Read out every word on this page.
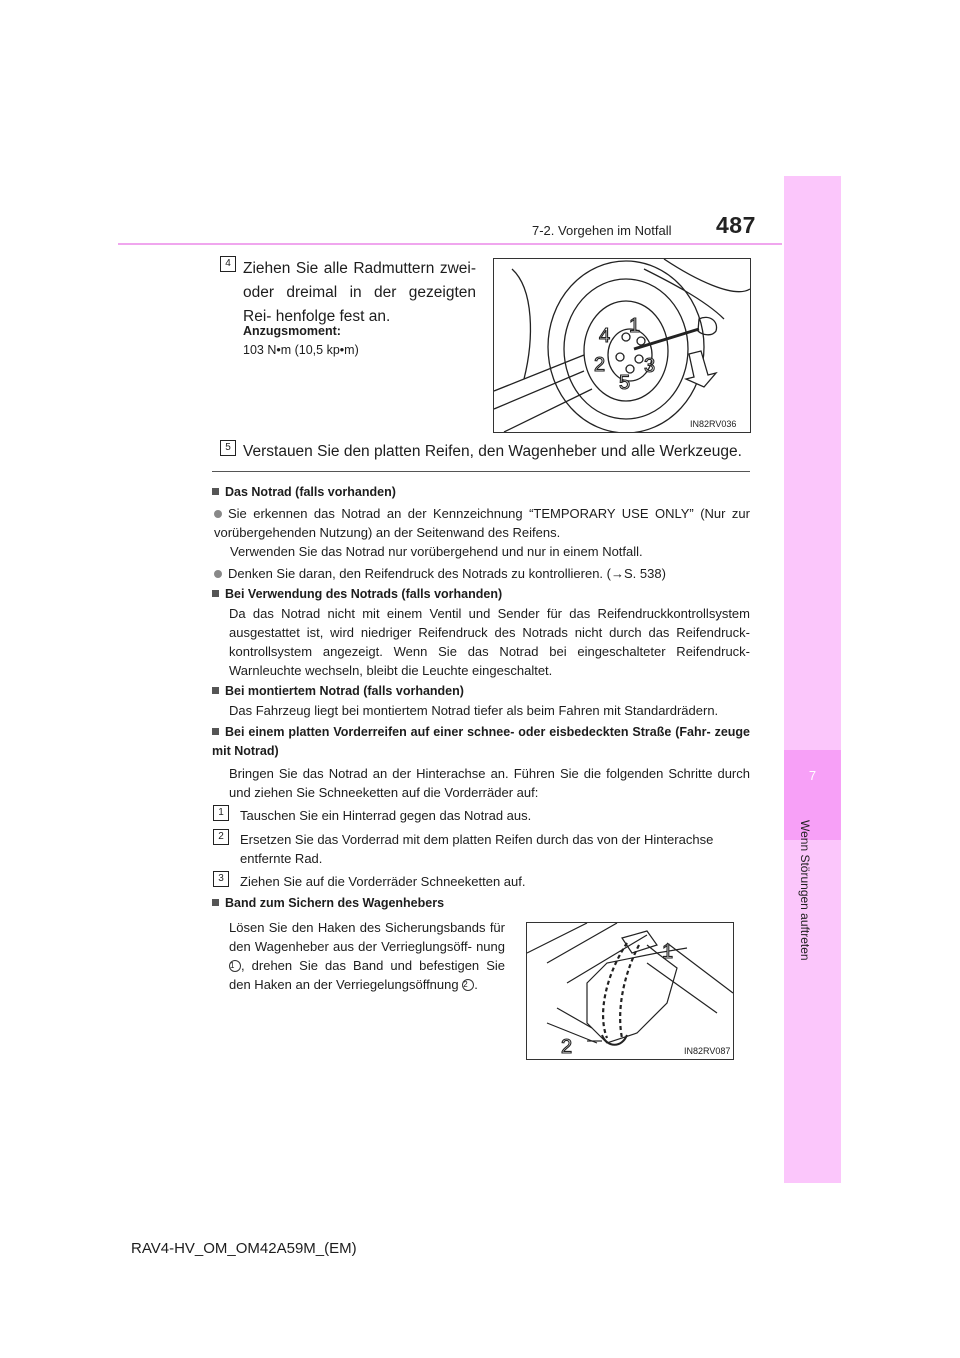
7-2. Vorgehen im Notfall 487
7
Wenn Störungen auftreten
4 Ziehen Sie alle Radmuttern zwei- oder dreimal in der gezeigten Rei- henfolge fest an.
Anzugsmoment:
103 N•m (10,5 kp•m)
4 1
2 3
5
IN82RV036
5 Verstauen Sie den platten Reifen, den Wagenheber und alle Werkzeuge.
Das Notrad (falls vorhanden)
Sie erkennen das Notrad an der Kennzeichnung “TEMPORARY USE ONLY” (Nur zur vorübergehenden Nutzung) an der Seitenwand des Reifens.
Verwenden Sie das Notrad nur vorübergehend und nur in einem Notfall.
Denken Sie daran, den Reifendruck des Notrads zu kontrollieren. (→S. 538)
Bei Verwendung des Notrads (falls vorhanden)
Da das Notrad nicht mit einem Ventil und Sender für das Reifendruckkontrollsystem ausgestattet ist, wird niedriger Reifendruck des Notrads nicht durch das Reifendruck- kontrollsystem angezeigt. Wenn Sie das Notrad bei eingeschalteter Reifendruck- Warnleuchte wechseln, bleibt die Leuchte eingeschaltet.
Bei montiertem Notrad (falls vorhanden)
Das Fahrzeug liegt bei montiertem Notrad tiefer als beim Fahren mit Standardrädern.
Bei einem platten Vorderreifen auf einer schnee- oder eisbedeckten Straße (Fahr- zeuge mit Notrad)
Bringen Sie das Notrad an der Hinterachse an. Führen Sie die folgenden Schritte durch und ziehen Sie Schneeketten auf die Vorderräder auf:
1	Tauschen Sie ein Hinterrad gegen das Notrad aus.
2	Ersetzen Sie das Vorderrad mit dem platten Reifen durch das von der Hinterachse entfernte Rad.
3	Ziehen Sie auf die Vorderräder Schneeketten auf.
Band zum Sichern des Wagenhebers
Lösen Sie den Haken des Sicherungsbands für den Wagenheber aus der Verrieglungsöff- nung 1 , drehen Sie das Band und befestigen Sie den Haken an der Verriegelungsöffnung 2 .
1
2	IN82RV087
RAV4-HV_OM_OM42A59M_(EM)
